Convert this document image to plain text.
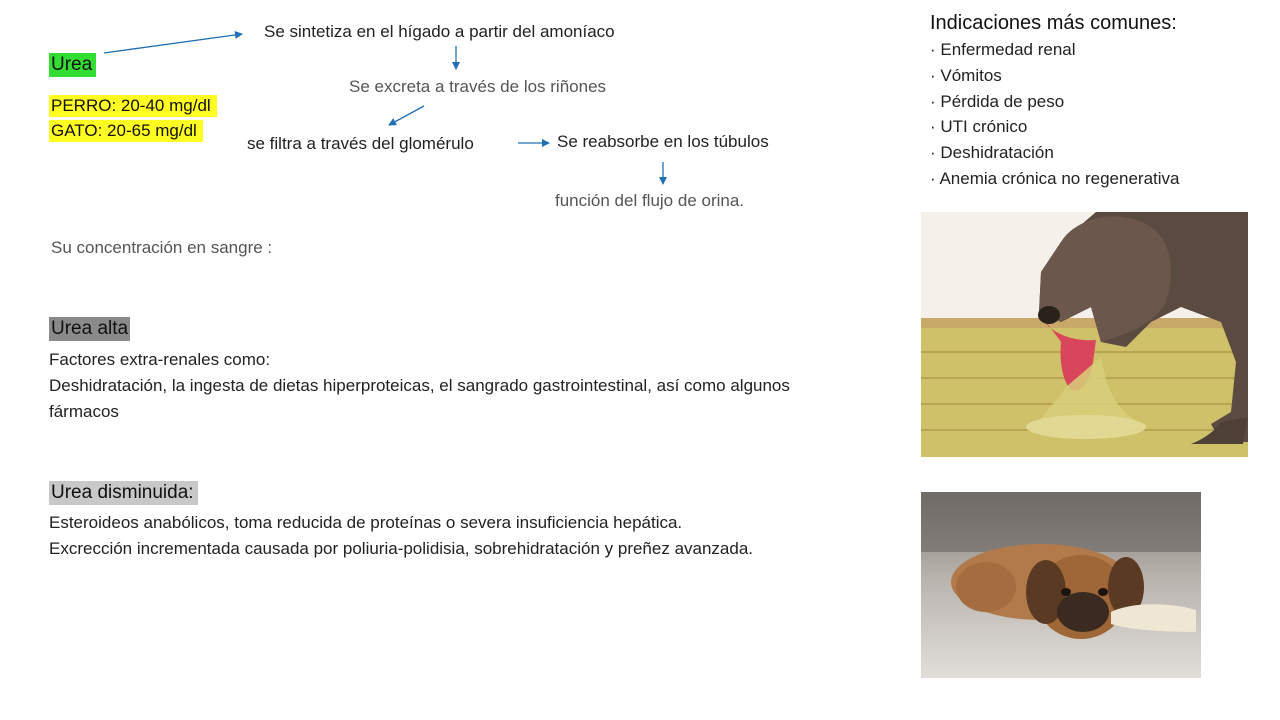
Urea
PERRO: 20-40 mg/dl
GATO: 20-65 mg/dl
Se sintetiza en el hígado a partir del amoníaco
Se excreta a través de los riñones
se filtra a través del glomérulo	Se reabsorbe en los túbulos
función del flujo de orina.
Su concentración en sangre :
Urea alta
Factores extra-renales como:
Deshidratación, la ingesta de dietas hiperproteicas, el sangrado gastrointestinal, así como algunos fármacos
Urea disminuida:
Esteroideos anabólicos, toma reducida de proteínas o severa insuficiencia hepática.
Excrección incrementada causada por poliuria-polidisia, sobrehidratación y preñez avanzada.
Indicaciones más comunes:
· Enfermedad renal
· Vómitos
· Pérdida de peso
· UTI crónico
· Deshidratación
· Anemia crónica no regenerativa
